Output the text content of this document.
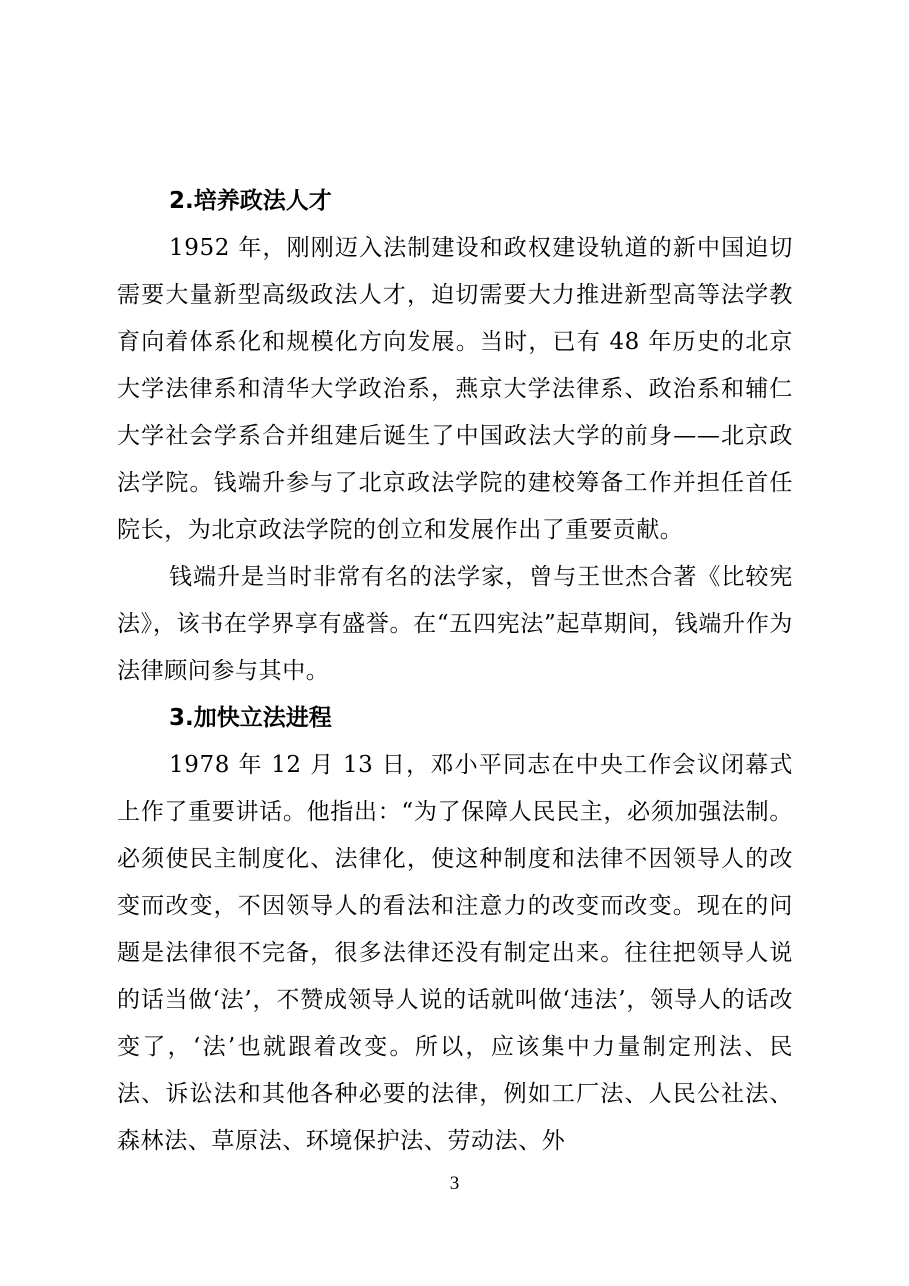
2.培养政法人才

1952 年，刚刚迈入法制建设和政权建设轨道的新中国迫切需要大量新型高级政法人才，迫切需要大力推进新型高等法学教育向着体系化和规模化方向发展。当时，已有 48 年历史的北京大学法律系和清华大学政治系，燕京大学法律系、政治系和辅仁大学社会学系合并组建后诞生了中国政法大学的前身——北京政法学院。钱端升参与了北京政法学院的建校筹备工作并担任首任院长，为北京政法学院的创立和发展作出了重要贡献。

钱端升是当时非常有名的法学家，曾与王世杰合著《比较宪法》，该书在学界享有盛誉。在“五四宪法”起草期间，钱端升作为法律顾问参与其中。

3.加快立法进程

1978 年 12 月 13 日，邓小平同志在中央工作会议闭幕式上作了重要讲话。他指出：“为了保障人民民主，必须加强法制。必须使民主制度化、法律化，使这种制度和法律不因领导人的改变而改变，不因领导人的看法和注意力的改变而改变。现在的问题是法律很不完备，很多法律还没有制定出来。往往把领导人说的话当做‘法’，不赞成领导人说的话就叫做‘违法’，领导人的话改变了，‘法’也就跟着改变。所以，应该集中力量制定刑法、民法、诉讼法和其他各种必要的法律，例如工厂法、人民公社法、森林法、草原法、环境保护法、劳动法、外

3
